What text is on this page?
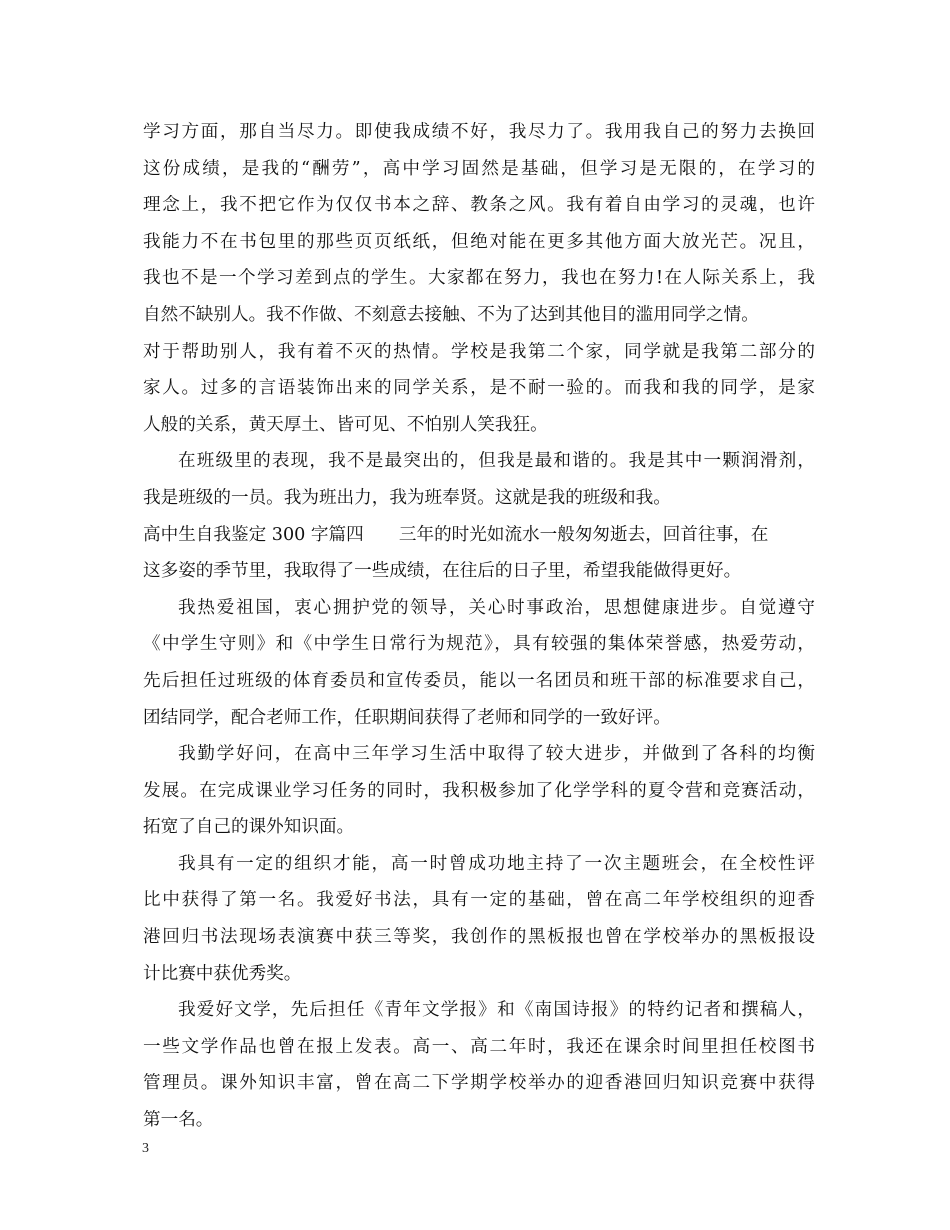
学习方面，那自当尽力。即使我成绩不好，我尽力了。我用我自己的努力去换回
这份成绩，是我的“酬劳”，高中学习固然是基础，但学习是无限的，在学习的
理念上，我不把它作为仅仅书本之辞、教条之风。我有着自由学习的灵魂，也许
我能力不在书包里的那些页页纸纸，但绝对能在更多其他方面大放光芒。况且，
我也不是一个学习差到点的学生。大家都在努力，我也在努力!在人际关系上，我
自然不缺别人。我不作做、不刻意去接触、不为了达到其他目的滥用同学之情。
对于帮助别人，我有着不灭的热情。学校是我第二个家，同学就是我第二部分的
家人。过多的言语装饰出来的同学关系，是不耐一验的。而我和我的同学，是家
人般的关系，黄天厚土、皆可见、不怕别人笑我狂。
在班级里的表现，我不是最突出的，但我是最和谐的。我是其中一颗润滑剂，
我是班级的一员。我为班出力，我为班奉贤。这就是我的班级和我。
高中生自我鉴定 300 字篇四　　三年的时光如流水一般匆匆逝去，回首往事，在
这多姿的季节里，我取得了一些成绩，在往后的日子里，希望我能做得更好。
我热爱祖国，衷心拥护党的领导，关心时事政治，思想健康进步。自觉遵守
《中学生守则》和《中学生日常行为规范》，具有较强的集体荣誉感，热爱劳动，
先后担任过班级的体育委员和宣传委员，能以一名团员和班干部的标准要求自己，
团结同学，配合老师工作，任职期间获得了老师和同学的一致好评。
我勤学好问，在高中三年学习生活中取得了较大进步，并做到了各科的均衡
发展。在完成课业学习任务的同时，我积极参加了化学学科的夏令营和竞赛活动，
拓宽了自己的课外知识面。
我具有一定的组织才能，高一时曾成功地主持了一次主题班会，在全校性评
比中获得了第一名。我爱好书法，具有一定的基础，曾在高二年学校组织的迎香
港回归书法现场表演赛中获三等奖，我创作的黑板报也曾在学校举办的黑板报设
计比赛中获优秀奖。
我爱好文学，先后担任《青年文学报》和《南国诗报》的特约记者和撰稿人，
一些文学作品也曾在报上发表。高一、高二年时，我还在课余时间里担任校图书
管理员。课外知识丰富，曾在高二下学期学校举办的迎香港回归知识竞赛中获得
第一名。
3
